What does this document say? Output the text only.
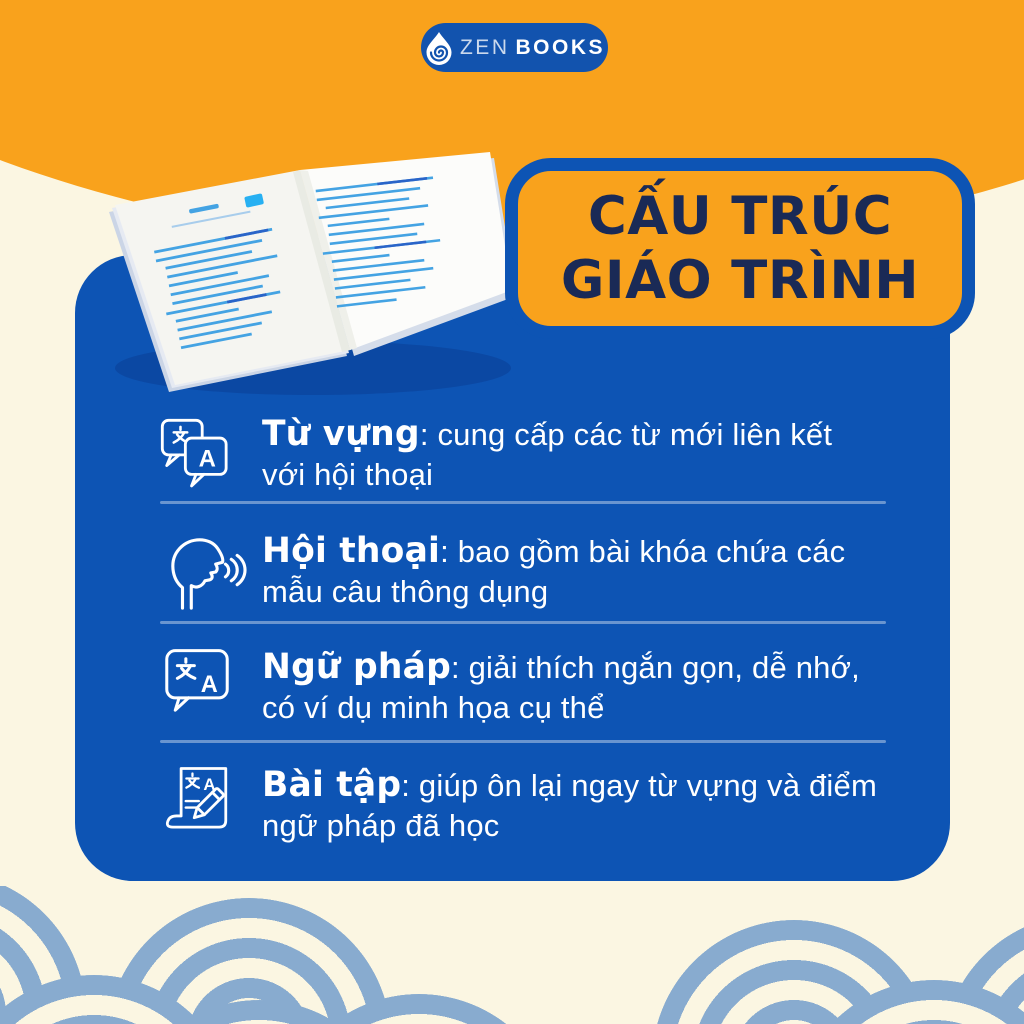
ZEN BOOKS
CẤU TRÚC
GIÁO TRÌNH
A
Từ vựng: cung cấp các từ mới liên kết với hội thoại
Hội thoại: bao gồm bài khóa chứa các mẫu câu thông dụng
A Ngữ pháp: giải thích ngắn gọn, dễ nhớ, có ví dụ minh họa cụ thể
A Bài tập: giúp ôn lại ngay từ vựng và điểm ngữ pháp đã học
